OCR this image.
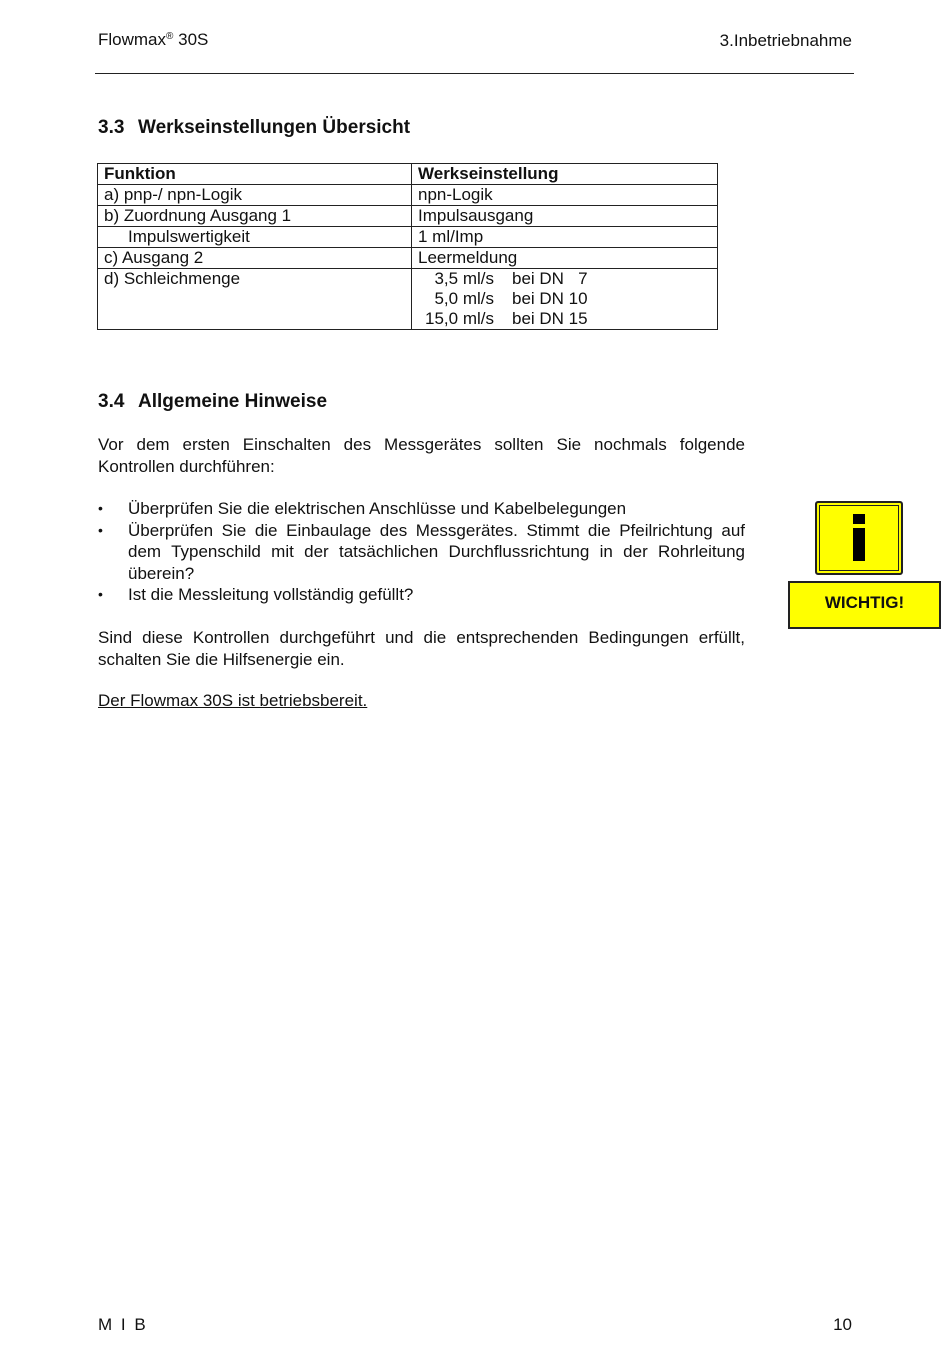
Flowmax® 30S	3.Inbetriebnahme
3.3 Werkseinstellungen Übersicht
Funktion	Werkseinstellung
a) pnp-/ npn-Logik	npn-Logik
b) Zuordnung Ausgang 1	Impulsausgang
Impulswertigkeit	1 ml/Imp
c) Ausgang 2	Leermeldung
d) Schleichmenge	3,5 ml/s bei DN   7
5,0 ml/s bei DN 10
15,0 ml/s bei DN 15
3.4 Allgemeine Hinweise
Vor dem ersten Einschalten des Messgerätes sollten Sie nochmals folgende Kontrollen durchführen:
• Überprüfen Sie die elektrischen Anschlüsse und Kabelbelegungen
• Überprüfen Sie die Einbaulage des Messgerätes. Stimmt die Pfeilrichtung auf dem Typenschild mit der tatsächlichen Durchflussrichtung in der Rohrleitung überein?
• Ist die Messleitung vollständig gefüllt?
Sind diese Kontrollen durchgeführt und die entsprechenden Bedingungen erfüllt, schalten Sie die Hilfsenergie ein.
Der Flowmax 30S ist betriebsbereit.
WICHTIG!
M I B	10
